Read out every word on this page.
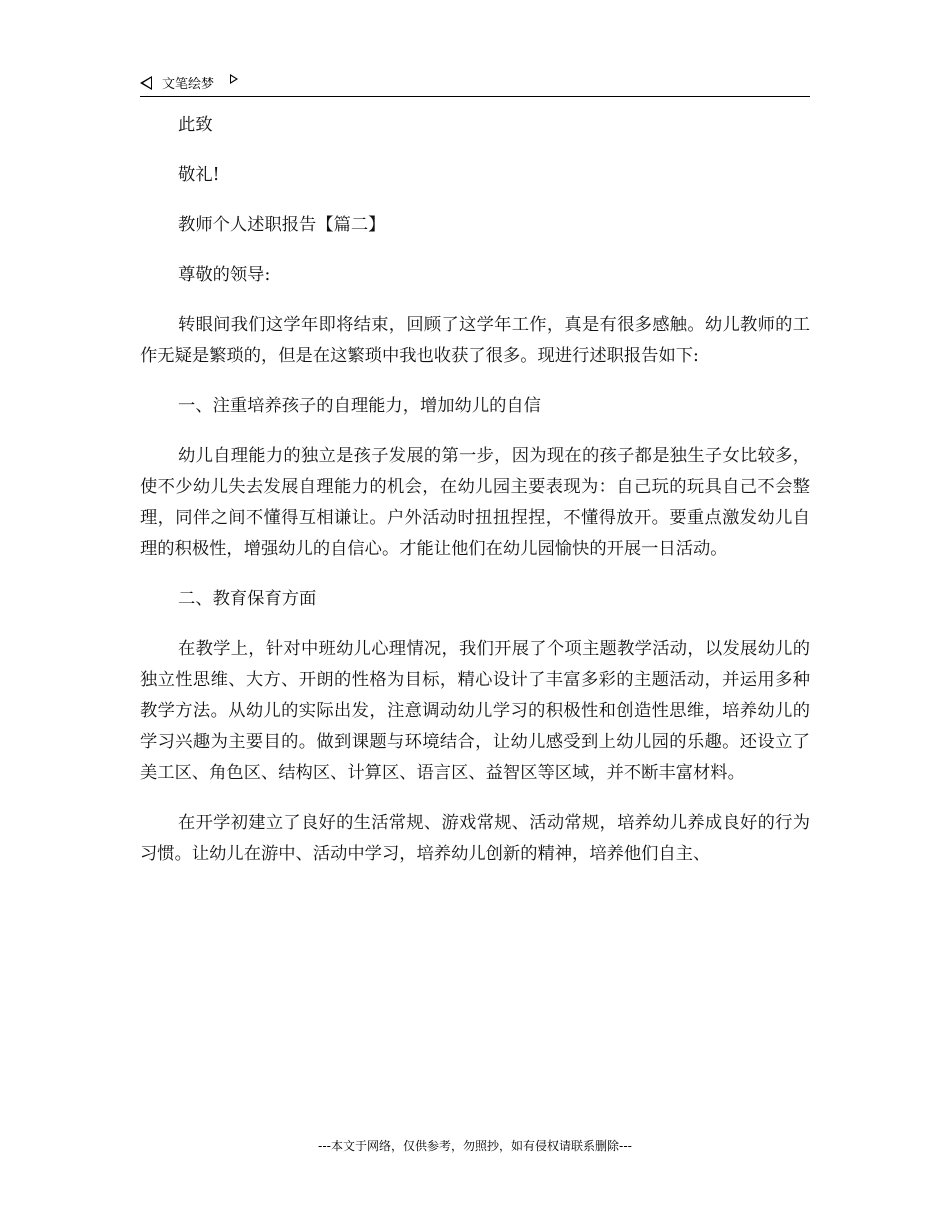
文笔绘梦

此致

敬礼!

教师个人述职报告【篇二】

尊敬的领导:

转眼间我们这学年即将结束，回顾了这学年工作，真是有很多感触。幼儿教师的工作无疑是繁琐的，但是在这繁琐中我也收获了很多。现进行述职报告如下:

一、注重培养孩子的自理能力，增加幼儿的自信

幼儿自理能力的独立是孩子发展的第一步，因为现在的孩子都是独生子女比较多，使不少幼儿失去发展自理能力的机会，在幼儿园主要表现为：自己玩的玩具自己不会整理，同伴之间不懂得互相谦让。户外活动时扭扭捏捏，不懂得放开。要重点激发幼儿自理的积极性，增强幼儿的自信心。才能让他们在幼儿园愉快的开展一日活动。

二、教育保育方面

在教学上，针对中班幼儿心理情况，我们开展了个项主题教学活动，以发展幼儿的独立性思维、大方、开朗的性格为目标，精心设计了丰富多彩的主题活动，并运用多种教学方法。从幼儿的实际出发，注意调动幼儿学习的积极性和创造性思维，培养幼儿的学习兴趣为主要目的。做到课题与环境结合，让幼儿感受到上幼儿园的乐趣。还设立了美工区、角色区、结构区、计算区、语言区、益智区等区域，并不断丰富材料。

在开学初建立了良好的生活常规、游戏常规、活动常规，培养幼儿养成良好的行为习惯。让幼儿在游中、活动中学习，培养幼儿创新的精神，培养他们自主、

---本文于网络，仅供参考，勿照抄，如有侵权请联系删除---
